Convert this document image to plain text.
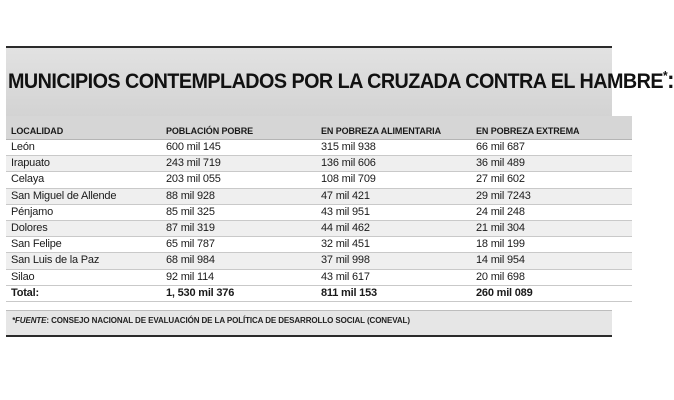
MUNICIPIOS CONTEMPLADOS POR LA CRUZADA CONTRA EL HAMBRE*:
LOCALIDAD	POBLACIÓN POBRE	EN POBREZA ALIMENTARIA	EN POBREZA EXTREMA
León	600 mil 145	315 mil 938	66 mil 687
Irapuato	243 mil 719	136 mil 606	36 mil 489
Celaya	203 mil 055	108 mil 709	27 mil 602
San Miguel de Allende	88 mil 928	47 mil 421	29 mil 7243
Pénjamo	85 mil 325	43 mil 951	24 mil 248
Dolores	87 mil 319	44 mil 462	21 mil 304
San Felipe	65 mil 787	32 mil 451	18 mil 199
San Luis de la Paz	68 mil 984	37 mil 998	14 mil 954
Silao	92 mil 114	43 mil 617	20 mil 698
Total:	1, 530 mil 376	811 mil 153	260 mil 089
*FUENTE: CONSEJO NACIONAL DE EVALUACIÓN DE LA POLÍTICA DE DESARROLLO SOCIAL (CONEVAL)
